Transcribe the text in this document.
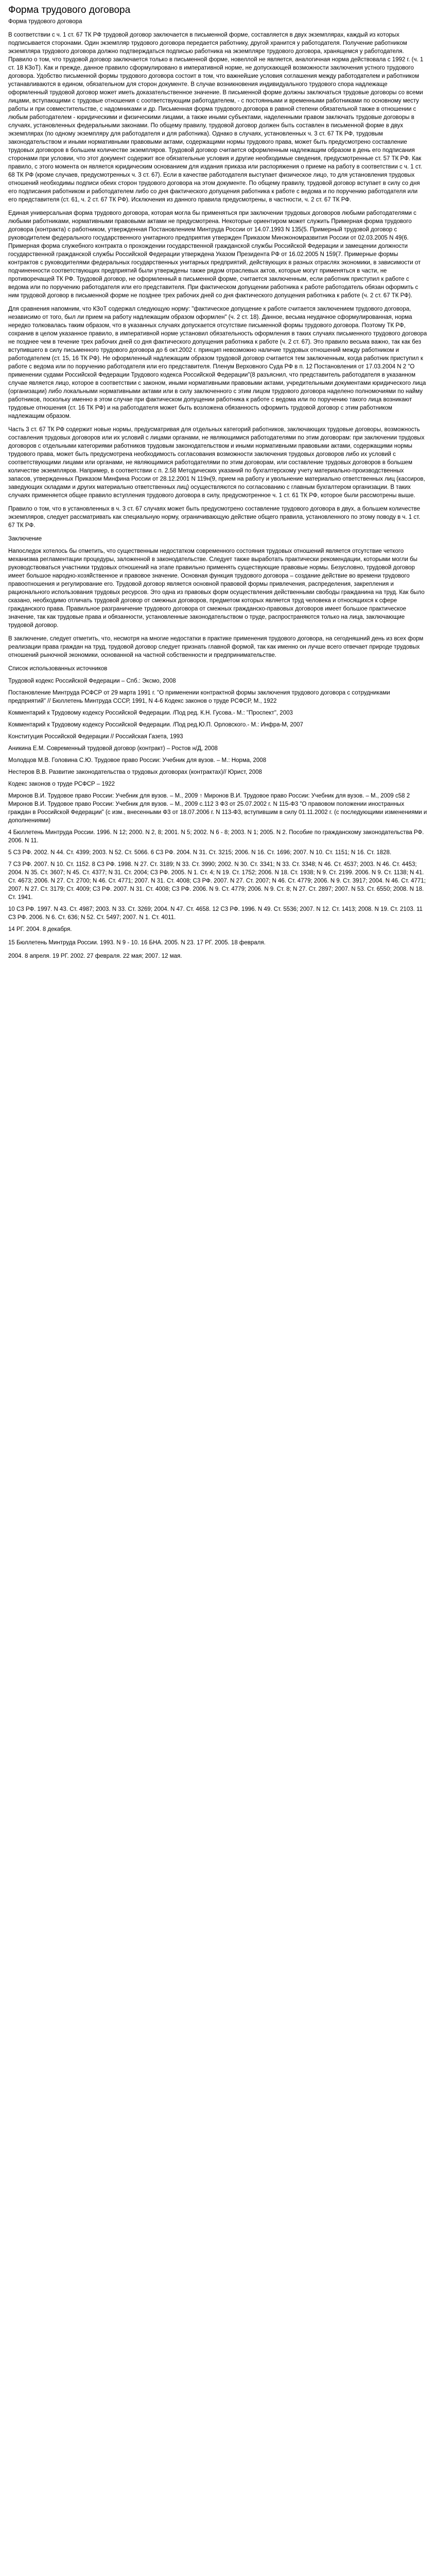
Форма трудового договора
Форма трудового договора

В соответствии с ч. 1 ст. 67 ТК РФ трудовой договор заключается в письменной форме, составляется в двух экземплярах, каждый из которых подписывается сторонами. Один экземпляр трудового договора передается работнику, другой хранится у работодателя. Получение работником экземпляра трудового договора должно подтверждаться подписью работника на экземпляре трудового договора, хранящемся у работодателя. Правило о том, что трудовой договор заключается только в письменной форме, новеллой не является, аналогичная норма действовала с 1992 г. (ч. 1 ст. 18 КЗоТ). Как и прежде, данное правило сформулировано в императивной норме, не допускающей возможности заключения устного трудового договора. Удобство письменной формы трудового договора состоит в том, что важнейшие условия соглашения между работодателем и работником устанавливаются в едином, обязательном для сторон документе. В случае возникновения индивидуального трудового спора надлежаще оформленный трудовой договор может иметь доказательственное значение. В письменной форме должны заключаться трудовые договоры со всеми лицами, вступающими с трудовые отношения с соответствующим работодателем, - с постоянными и временными работниками по основному месту работы и при совместительстве, с надомниками и др. Письменная форма трудового договора в равной степени обязательной также в отношении с любым работодателем - юридическими и физическими лицами, а также иными субъектами, наделенными правом заключать трудовые договоры в случаях, установленных федеральными законами. По общему правилу, трудовой договор должен быть составлен в письменной форме в двух экземплярах (по одному экземпляру для работодателя и для работника). Однако в случаях, установленных ч. 3 ст. 67 ТК РФ, трудовым законодательством и иными нормативными правовыми актами, содержащими нормы трудового права, может быть предусмотрено составление трудовых договоров в большем количестве экземпляров. Трудовой договор считается оформленным надлежащим образом в день его подписания сторонами при условии, что этот документ содержит все обязательные условия и другие необходимые сведения, предусмотренные ст. 57 ТК РФ. Как правило, с этого момента он является юридическим основанием для издания приказа или распоряжения о приеме на работу в соответствии с ч. 1 ст. 68 ТК РФ (кроме случаев, предусмотренных ч. 3 ст. 67). Если в качестве работодателя выступает физическое лицо, то для установления трудовых отношений необходимы подписи обеих сторон трудового договора на этом документе. По общему правилу, трудовой договор вступает в силу со дня его подписания работником и работодателем либо со дня фактического допущения работника к работе с ведома и по поручению работодателя или его представителя (ст. 61, ч. 2 ст. 67 ТК РФ). Исключения из данного правила предусмотрены, в частности, ч. 2 ст. 67 ТК РФ.

Единая универсальная форма трудового договора, которая могла бы применяться при заключении трудовых договоров любыми работодателями с любыми работниками, нормативными правовыми актами не предусмотрена. Некоторые ориентиром может служить Примерная форма трудового договора (контракта) с работником, утвержденная Постановлением Минтруда России от 14.07.1993 N 135(5. Примерный трудовой договор с руководителем федерального государственного унитарного предприятия утвержден Приказом Минэкономразвития России от 02.03.2005 N 49(6. Примерная форма служебного контракта о прохождении государственной гражданской службы Российской Федерации и замещении должности государственной гражданской службы Российской Федерации утверждена Указом Президента РФ от 16.02.2005 N 159(7. Примерные формы контрактов с руководителями федеральных государственных унитарных предприятий, действующих в разных отраслях экономики, в зависимости от подчиненности соответствующих предприятий были утверждены также рядом отраслевых актов, которые могут применяться в части, не противоречащей ТК РФ. Трудовой договор, не оформленный в письменной форме, считается заключенным, если работник приступил к работе с ведома или по поручению работодателя или его представителя. При фактическом допущении работника к работе работодатель обязан оформить с ним трудовой договор в письменной форме не позднее трех рабочих дней со дня фактического допущения работника к работе (ч. 2 ст. 67 ТК РФ).

Для сравнения напомним, что КЗоТ содержал следующую норму: "фактическое допущение к работе считается заключением трудового договора, независимо от того, был ли прием на работу надлежащим образом оформлен" (ч. 2 ст. 18). Данное, весьма неудачное сформулированная, норма нередко толковалась таким образом, что в указанных случаях допускается отсутствие письменной формы трудового договора. Поэтому ТК РФ, сохранив в целом указанное правило, в императивной норме установил обязательность оформления в таких случаях письменного трудового договора не позднее чем в течение трех рабочих дней со дня фактического допущения работника к работе (ч. 2 ст. 67). Это правило весьма важно, так как без вступившего в силу письменного трудового договора до 6 окт.2002 г. принцип невозможно наличие трудовых отношений между работником и работодателем (ст. 15, 16 ТК РФ). Не оформленный надлежащим образом трудовой договор считается тем заключенным, когда работник приступил к работе с ведома или по поручению работодателя или его представителя. Пленум Верховного Суда РФ в п. 12 Постановления от 17.03.2004 N 2 "О применении судами Российской Федерации Трудового кодекса Российской Федерации"(8 разъяснил, что представитель работодателя в указанном случае является лицо, которое в соответствии с законом, иными нормативными правовыми актами, учредительными документами юридического лица (организации) либо локальными нормативными актами или в силу заключенного с этим лицом трудового договора наделено полномочиями по найму работников, поскольку именно в этом случае при фактическом допущении работника к работе с ведома или по поручению такого лица возникают трудовые отношения (ст. 16 ТК РФ) и на работодателя может быть возложена обязанность оформить трудовой договор с этим работником надлежащим образом.

Часть 3 ст. 67 ТК РФ содержит новые нормы, предусматривая для отдельных категорий работников, заключающих трудовые договоры, возможность составления трудовых договоров или их условий с лицами органами, не являющимися работодателями по этим договорам: при заключении трудовых договоров с отдельными категориями работников трудовым законодательством и иными нормативными правовыми актами, содержащими нормы трудового права, может быть предусмотрена необходимость согласования возможности заключения трудовых договоров либо их условий с соответствующими лицами или органами, не являющимися работодателями по этим договорам, или составление трудовых договоров в большем количестве экземпляров. Например, в соответствии с п. 2.58 Методических указаний по бухгалтерскому учету материально-производственных запасов, утвержденных Приказом Минфина России от 28.12.2001 N 119н(9, прием на работу и увольнение материально ответственных лиц (кассиров, заведующих складами и других материально ответственных лиц) осуществляются по согласованию с главным бухгалтером организации. В таких случаях применяется общее правило вступления трудового договора в силу, предусмотренное ч. 1 ст. 61 ТК РФ, которое были рассмотрены выше.

Правило о том, что в установленных в ч. 3 ст. 67 случаях может быть предусмотрено составление трудового договора в двух, а большем количестве экземпляров, следует рассматривать как специальную норму, ограничивающую действие общего правила, установленного по этому поводу в ч. 1 ст. 67 ТК РФ.

Заключение

Напоследок хотелось бы отметить, что существенным недостатком современного состояния трудовых отношений является отсутствие четкого механизма регламентации процедуры, заложенной в законодательстве. Следует также выработать практически рекомендации, которыми могли бы руководствоваться участники трудовых отношений на этапе правильно применять существующие правовые нормы. Безусловно, трудовой договор имеет большое народно-хозяйственное и правовое значение. Основная функция трудового договора – создание действие во времени трудового правоотношения и регулирование его. Трудовой договор является основной правовой формы привлечения, распределения, закрепления и рационального использования трудовых ресурсов. Это одна из правовых форм осуществления действенными свободы гражданина на труд. Как было сказано, необходимо отличать трудовой договор от смежных договоров, предметом которых является труд человека и относящихся к сфере гражданского права. Правильное разграничение трудового договора от смежных гражданско-правовых договоров имеет большое практическое значение, так как трудовые права и обязанности, установленные законодательством о труде, распространяются только на лица, заключающие трудовой договор.

В заключение, следует отметить, что, несмотря на многие недостатки в практике применения трудового договора, на сегодняшний день из всех форм реализации права граждан на труд, трудовой договор следует признать главной формой, так как именно он лучше всего отвечает природе трудовых отношений рыночной экономики, основанной на частной собственности и предпринимательстве.

Список использованных источников
Трудовой кодекс Российской Федерации – Спб.: Эксмо, 2008
Постановление Минтруда РСФСР от 29 марта 1991 г. "О применении контрактной формы заключения трудового договора с сотрудниками предприятий" // Бюллетень Минтруда СССР, 1991, N 4-6 Кодекс законов о труде РСФСР, М., 1922
Комментарий к Трудовому кодексу Российской Федерации. /Под ред. К.Н. Гусова.- М.: "Проспект", 2003
Комментарий к Трудовому кодексу Российской Федерации. /Под ред.Ю.П. Орловского.- М.: Инфра-М, 2007
Конституция Российской Федерации // Российская Газета, 1993
Аникина Е.М. Современный трудовой договор (контракт) – Ростов н/Д, 2008
Молодцов М.В. Головина С.Ю. Трудовое право России: Учебник для вузов. – М.: Норма, 2008
Нестеров В.В. Развитие законодательства о трудовых договорах (контрактах)// Юрист, 2008
Кодекс законов о труде РСФСР – 1922
Миронов В.И. Трудовое право России: Учебник для вузов. – М., 2009 ↑ Миронов В.И. Трудовое право России: Учебник для вузов. – М., 2009 с58 2 Миронов В.И. Трудовое право России: Учебник для вузов. – М., 2009 с.112 3 Ф3 от 25.07.2002 г. N 115-Ф3 "О правовом положении иностранных граждан в Российской Федерации" (с изм., внесенными Ф3 от 18.07.2006 г. N 113-Ф3, вступившим в силу 01.11.2002 г. (с последующими изменениями и дополнениями)
4 Бюллетень Минтруда России. 1996. N 12; 2000. N 2, 8; 2001. N 5; 2002. N 6 - 8; 2003. N 1; 2005. N 2. Пособие по гражданскому законодательства РФ. 2006. N 11.
5 С3 РФ. 2002. N 44. Ст. 4399; 2003. N 52. Ст. 5066. 6 С3 РФ. 2004. N 31. Ст. 3215; 2006. N 16. Ст. 1696; 2007. N 10. Ст. 1151; N 16. Ст. 1828.
7 С3 РФ. 2007. N 10. Ст. 1152. 8 С3 РФ. 1998. N 27. Ст. 3189; N 33. Ст. 3990; 2002. N 30. Ст. 3341; N 33. Ст. 3348; N 46. Ст. 4537; 2003. N 46. Ст. 4453; 2004. N 35. Ст. 3607; N 45. Ст. 4377; N 31. Ст. 2004; С3 РФ. 2005. N 1. Ст. 4; N 19. Ст. 1752; 2006. N 18. Ст. 1938; N 9. Ст. 2199. 2006. N 9. Ст. 1138; N 41. Ст. 4673; 2006. N 27. Ст. 2700; N 46. Ст. 4771; 2007. N 31. Ст. 4008; С3 РФ. 2007. N 27. Ст. 2007; N 46. Ст. 4779; 2006. N 9. Ст. 3917; 2004. N 46. Ст. 4771; 2007. N 27. Ст. 3179; Ст. 4009; С3 РФ. 2007. N 31. Ст. 4008; С3 РФ. 2006. N 9. Ст. 4779; 2006. N 9. Ст. 8; N 27. Ст. 2897; 2007. N 53. Ст. 6550; 2008. N 18. Ст. 1941.
10 С3 РФ. 1997. N 43. Ст. 4987; 2003. N 33. Ст. 3269; 2004. N 47. Ст. 4658. 12 С3 РФ. 1996. N 49. Ст. 5536; 2007. N 12. Ст. 1413; 2008. N 19. Ст. 2103. 11 С3 РФ. 2006. N 6. Ст. 636; N 52. Ст. 5497; 2007. N 1. Ст. 4011.

14 РГ. 2004. 8 декабря.

15 Бюллетень Минтруда России. 1993. N 9 - 10. 16 БНА. 2005. N 23. 17 РГ. 2005. 18 февраля.

2004. 8 апреля. 19 РГ. 2002. 27 февраля. 22 мая; 2007. 12 мая.
